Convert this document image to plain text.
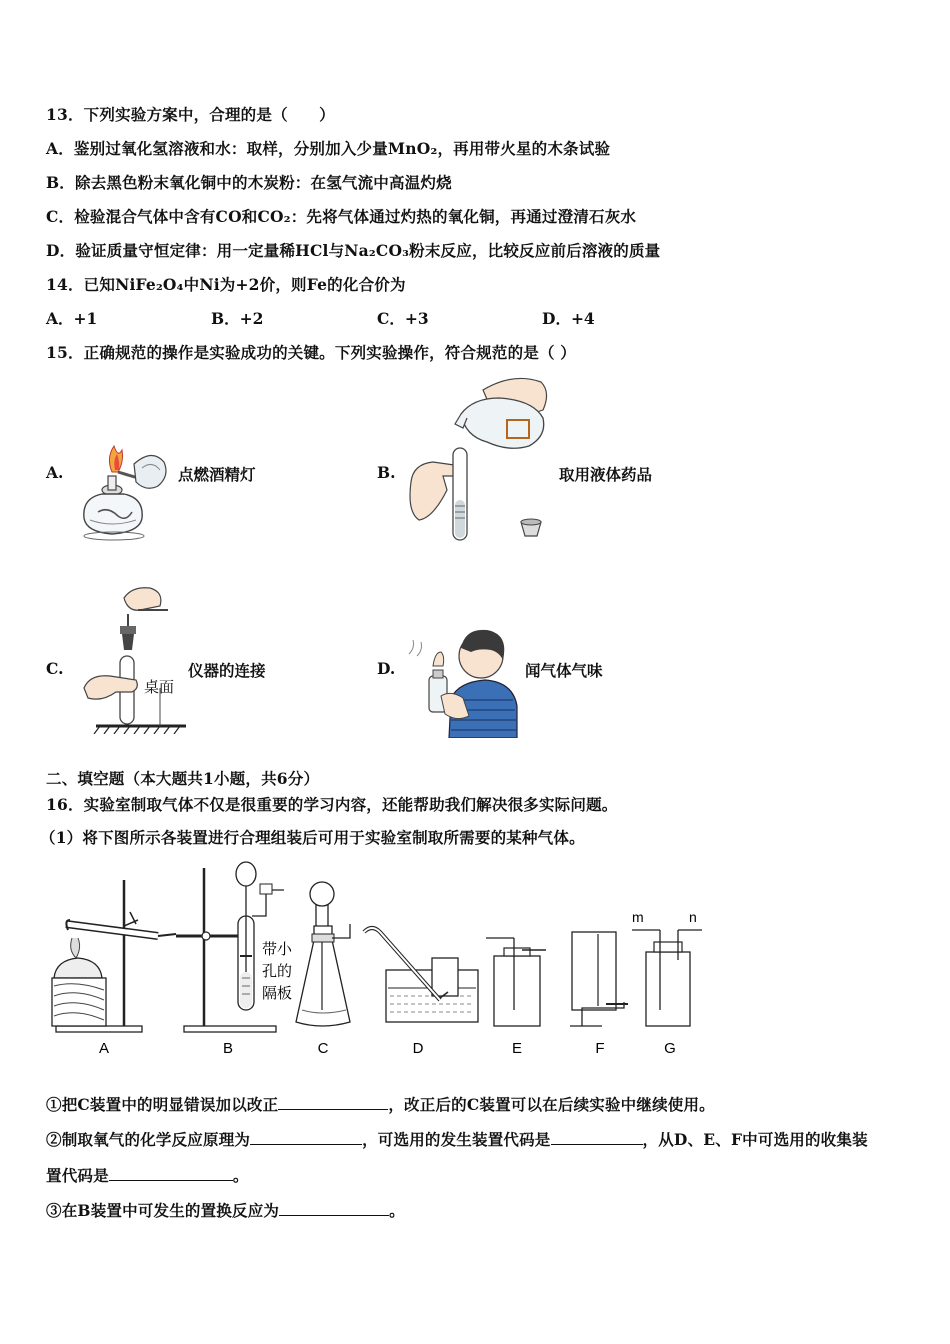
13．下列实验方案中，合理的是（　　）
A．鉴别过氧化氢溶液和水：取样，分别加入少量MnO₂，再用带火星的木条试验
B．除去黑色粉末氧化铜中的木炭粉：在氢气流中高温灼烧
C．检验混合气体中含有CO和CO₂：先将气体通过灼热的氧化铜，再通过澄清石灰水
D．验证质量守恒定律：用一定量稀HCl与Na₂CO₃粉末反应，比较反应前后溶液的质量
14．已知NiFe₂O₄中Ni为+2价，则Fe的化合价为
A．+1	B．+2	C．+3	D．+4
15．正确规范的操作是实验成功的关键。下列实验操作，符合规范的是（ ）
A.	点燃酒精灯	B.	取用液体药品
C.
桌面
仪器的连接	D.	闻气体气味
二、填空题（本大题共1小题，共6分）
16．实验室制取气体不仅是很重要的学习内容，还能帮助我们解决很多实际问题。
（1）将下图所示各装置进行合理组装后可用于实验室制取所需要的某种气体。
带小
孔的
隔板
m	n
A	B	C	D	E	F	G
①把C装置中的明显错误加以改正	，改正后的C装置可以在后续实验中继续使用。
②制取氧气的化学反应原理为	，可选用的发生装置代码是	，从D、E、F中可选用的收集装
置代码是	。
③在B装置中可发生的置换反应为	。
